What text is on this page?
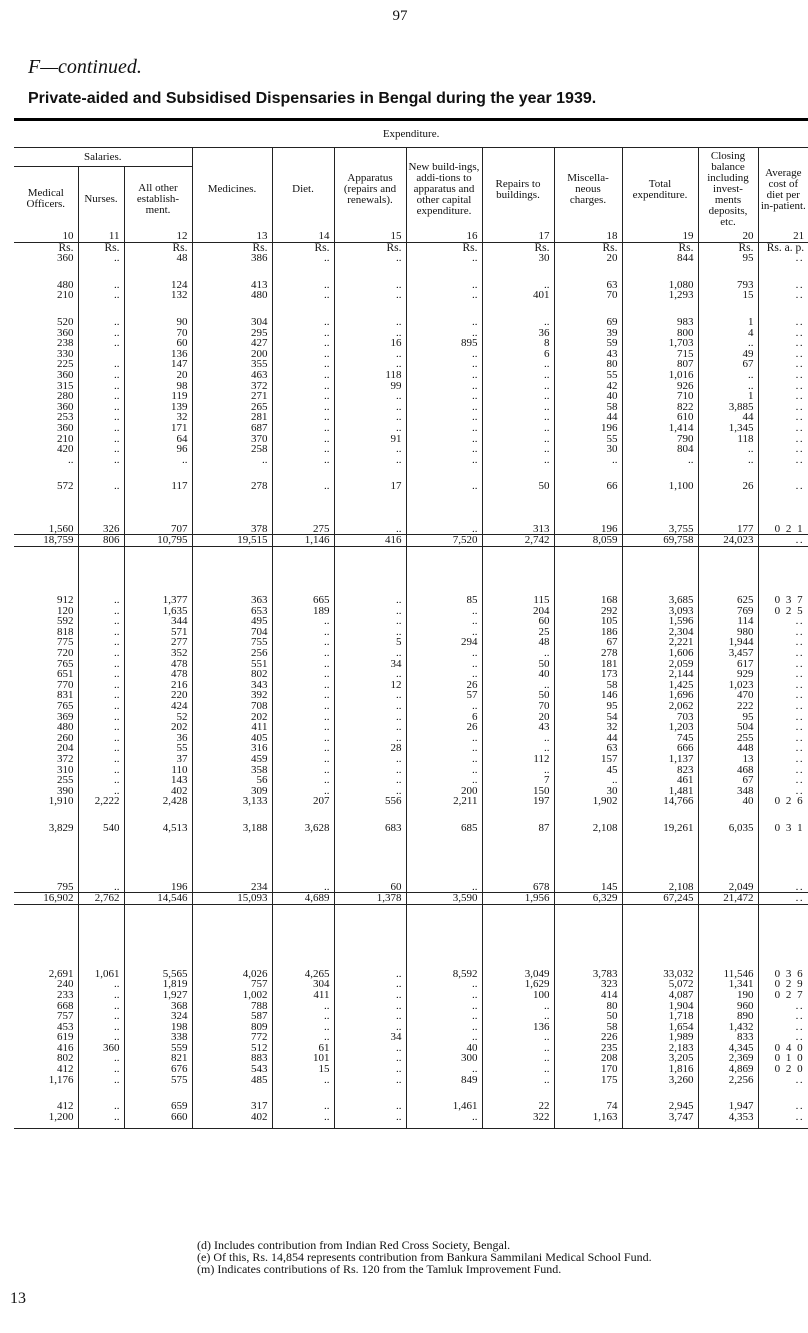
97
F—continued.
Private-aided and Subsidised Dispensaries in Bengal during the year 1939.
Expenditure.											
Salaries.			Medicines.	Diet.	Apparatus (repairs and renewals).	New build-ings, addi-tions to apparatus and other capital expenditure.	Repairs to buildings.	Miscella-neous charges.	Total expenditure.	Closing balance including invest-ments deposits, etc.	Average cost of diet per in-patient.
Medical Officers.	Nurses.	All other establish-ment.									
10	11	12	13	14	15	16	17	18	19	20	21
Rs.	Rs.	Rs.	Rs.	Rs.	Rs.	Rs.	Rs.	Rs.	Rs.	Rs.	Rs. a. p.
360	..	48	386	..	..	..	30	20	844	95	..

480	..	124	413	..	..	..	..	63	1,080	793	..
210	..	132	480	..	..	..	401	70	1,293	15	..

520	..	90	304	..	..	..	..	69	983	1	..
360	..	70	295	..	..	..	36	39	800	4	..
238	..	60	427	..	16	895	8	59	1,703	..	..
330		136	200	..	..	..	6	43	715	49	..
225	..	147	355	..	..	..	..	80	807	67	..
360	..	20	463	..	118	..	..	55	1,016	..	..
315	..	98	372	..	99	..	..	42	926	..	..
280	..	119	271	..	..	..	..	40	710	1	..
360	..	139	265	..	..	..	..	58	822	3,885	..
253	..	32	281	..	..	..	..	44	610	44	..
360	..	171	687	..	..	..	..	196	1,414	1,345	..
210	..	64	370	..	91	..	..	55	790	118	..
420	..	96	258	..	..	..	..	30	804	..	..
..	..	..	..	..	..	..	..	..	..	..	..

572	..	117	278	..	17	..	50	66	1,100	26	..

1,560	326	707	378	275	..	..	313	196	3,755	177	0 2 1
18,759	806	10,795	19,515	1,146	416	7,520	2,742	8,059	69,758	24,023	..

912	..	1,377	363	665	..	85	115	168	3,685	625	0 3 7
120	..	1,635	653	189	..	..	204	292	3,093	769	0 2 5
592	..	344	495	..	..	..	60	105	1,596	114	..
818	..	571	704	..	..	..	25	186	2,304	980	..
775	..	277	755	..	5	294	48	67	2,221	1,944	..
720	..	352	256	..	..	..	..	278	1,606	3,457	..
765	..	478	551	..	34	..	50	181	2,059	617	..
651	..	478	802	..	..	..	40	173	2,144	929	..
770	..	216	343	..	12	26	..	58	1,425	1,023	..
831	..	220	392	..	..	57	50	146	1,696	470	..
765	..	424	708	..	..	..	70	95	2,062	222	..
369	..	52	202	..	..	6	20	54	703	95	..
480	..	202	411	..	..	26	43	32	1,203	504	..
260	..	36	405	..	..	..	..	44	745	255	..
204	..	55	316	..	28	..	..	63	666	448	..
372	..	37	459	..	..	..	112	157	1,137	13	..
310	..	110	358	..	..	..	..	45	823	468	..
255	..	143	56	..	..	..	7	..	461	67	..
390	..	402	309	..	..	200	150	30	1,481	348	..
1,910	2,222	2,428	3,133	207	556	2,211	197	1,902	14,766	40	0 2 6

3,829	540	4,513	3,188	3,628	683	685	87	2,108	19,261	6,035	0 3 1

795	..	196	234	..	60	..	678	145	2,108	2,049	..
16,902	2,762	14,546	15,093	4,689	1,378	3,590	1,956	6,329	67,245	21,472	..

2,691	1,061	5,565	4,026	4,265	..	8,592	3,049	3,783	33,032	11,546	0 3 6
240	..	1,819	757	304	..	..	1,629	323	5,072	1,341	0 2 9
233	..	1,927	1,002	411	..	..	100	414	4,087	190	0 2 7
668	..	368	788	..	..	..	..	80	1,904	960	..
757	..	324	587	..	..	..	..	50	1,718	890	..
453	..	198	809	..	..	..	136	58	1,654	1,432	..
619	..	338	772	..	34	..	..	226	1,989	833	..
416	360	559	512	61	..	40	..	235	2,183	4,345	0 4 0
802	..	821	883	101	..	300	..	208	3,205	2,369	0 1 0
412	..	676	543	15	..	..	..	170	1,816	4,869	0 2 0
1,176	..	575	485	..	..	849	..	175	3,260	2,256	..

412	..	659	317	..	..	1,461	22	74	2,945	1,947	..
1,200	..	660	402	..	..	..	322	1,163	3,747	4,353	..

(d) Includes contribution from Indian Red Cross Society, Bengal.
(e) Of this, Rs. 14,854 represents contribution from Bankura Sammilani Medical School Fund.
(m) Indicates contributions of Rs. 120 from the Tamluk Improvement Fund.
13
